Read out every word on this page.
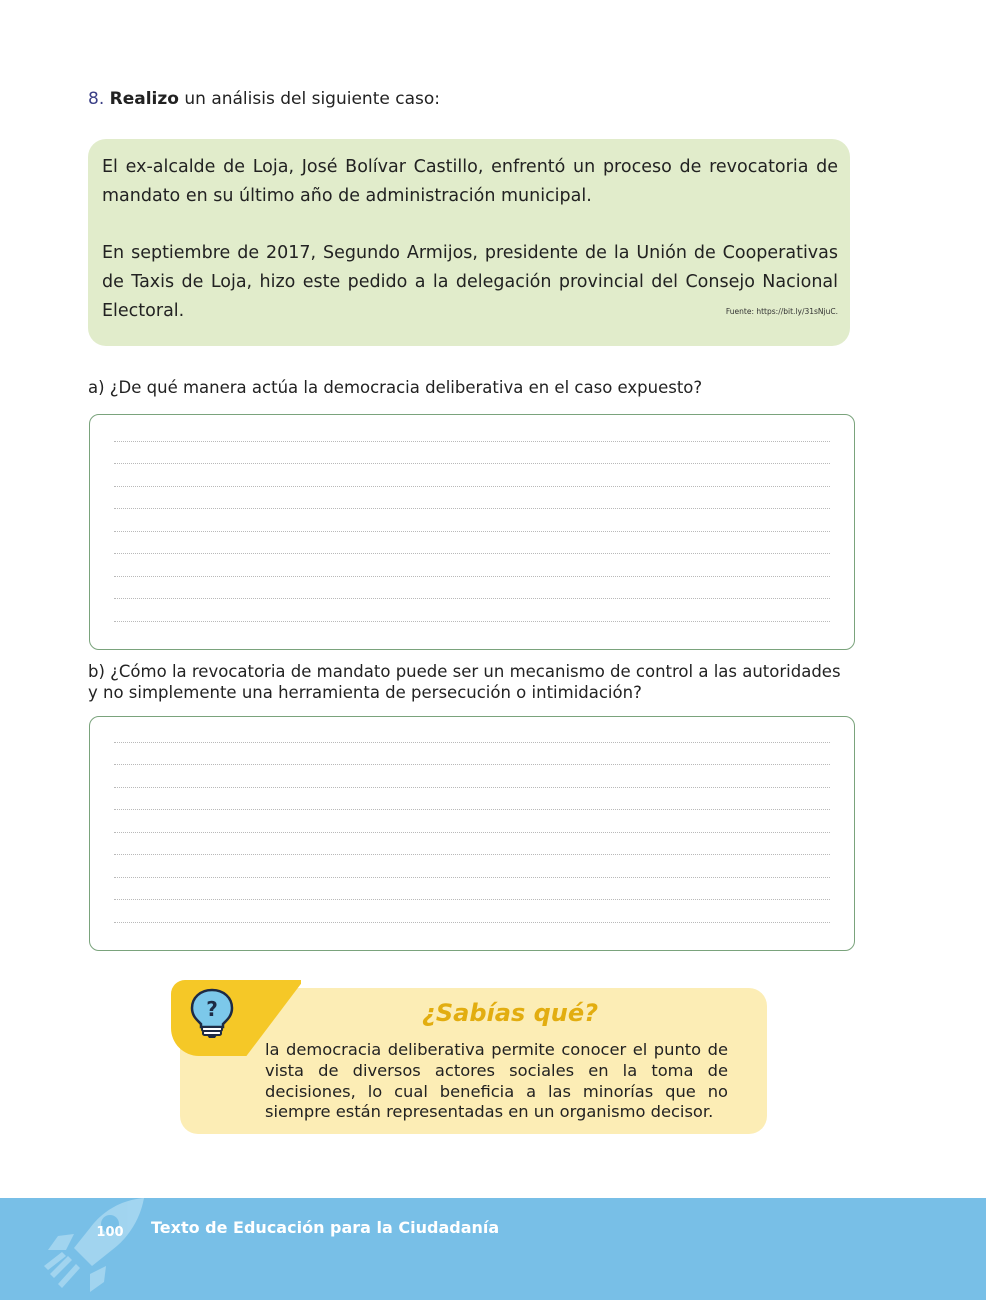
8. Realizo un análisis del siguiente caso:

El ex-alcalde de Loja, José Bolívar Castillo, enfrentó un proceso de revocatoria de mandato en su último año de administración municipal.

En septiembre de 2017, Segundo Armijos, presidente de la Unión de Cooperativas de Taxis de Loja, hizo este pedido a la delegación provincial del Consejo Nacional Electoral.	Fuente: https://bit.ly/31sNjuC.
a) ¿De qué manera actúa la democracia deliberativa en el caso expuesto?
b) ¿Cómo la revocatoria de mandato puede ser un mecanismo de control a las autoridades y no simplemente una herramienta de persecución o intimidación?
?	¿Sabías qué?
la democracia deliberativa permite conocer el punto de vista de diversos actores sociales en la toma de decisiones, lo cual beneficia a las minorías que no siempre están representadas en un organismo decisor.
100 Texto de Educación para la Ciudadanía
